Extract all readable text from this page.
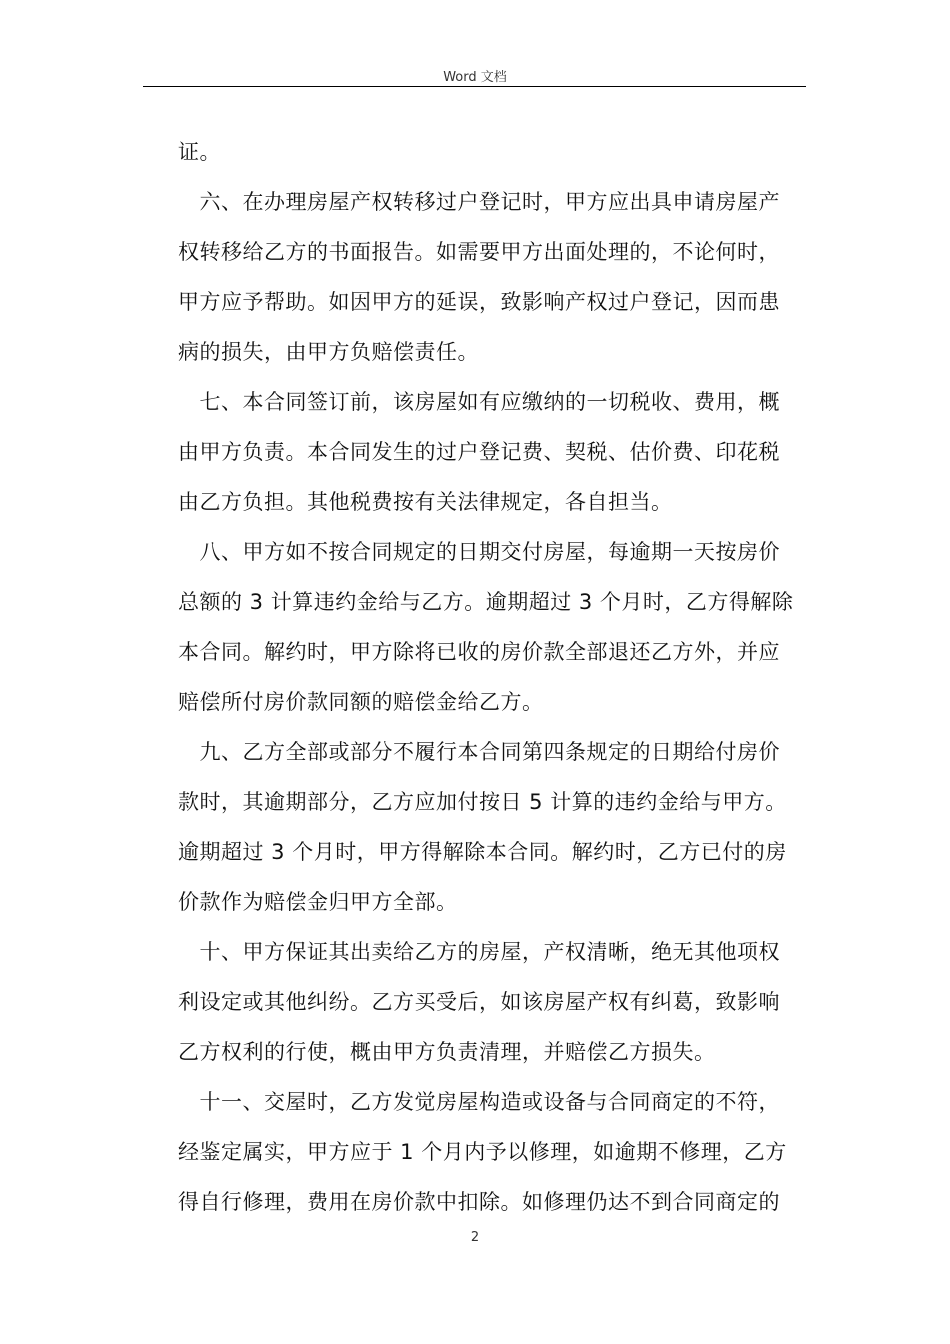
Word 文档
证。
　六、在办理房屋产权转移过户登记时，甲方应出具申请房屋产
权转移给乙方的书面报告。如需要甲方出面处理的，不论何时，
甲方应予帮助。如因甲方的延误，致影响产权过户登记，因而患
病的损失，由甲方负赔偿责任。
　七、本合同签订前，该房屋如有应缴纳的一切税收、费用，概
由甲方负责。本合同发生的过户登记费、契税、估价费、印花税
由乙方负担。其他税费按有关法律规定，各自担当。
　八、甲方如不按合同规定的日期交付房屋，每逾期一天按房价
总额的 3 计算违约金给与乙方。逾期超过 3 个月时，乙方得解除
本合同。解约时，甲方除将已收的房价款全部退还乙方外，并应
赔偿所付房价款同额的赔偿金给乙方。
　九、乙方全部或部分不履行本合同第四条规定的日期给付房价
款时，其逾期部分，乙方应加付按日 5 计算的违约金给与甲方。
逾期超过 3 个月时，甲方得解除本合同。解约时，乙方已付的房
价款作为赔偿金归甲方全部。
　十、甲方保证其出卖给乙方的房屋，产权清晰，绝无其他项权
利设定或其他纠纷。乙方买受后，如该房屋产权有纠葛，致影响
乙方权利的行使，概由甲方负责清理，并赔偿乙方损失。
　十一、交屋时，乙方发觉房屋构造或设备与合同商定的不符，
经鉴定属实，甲方应于 1 个月内予以修理，如逾期不修理，乙方
得自行修理，费用在房价款中扣除。如修理仍达不到合同商定的
2
